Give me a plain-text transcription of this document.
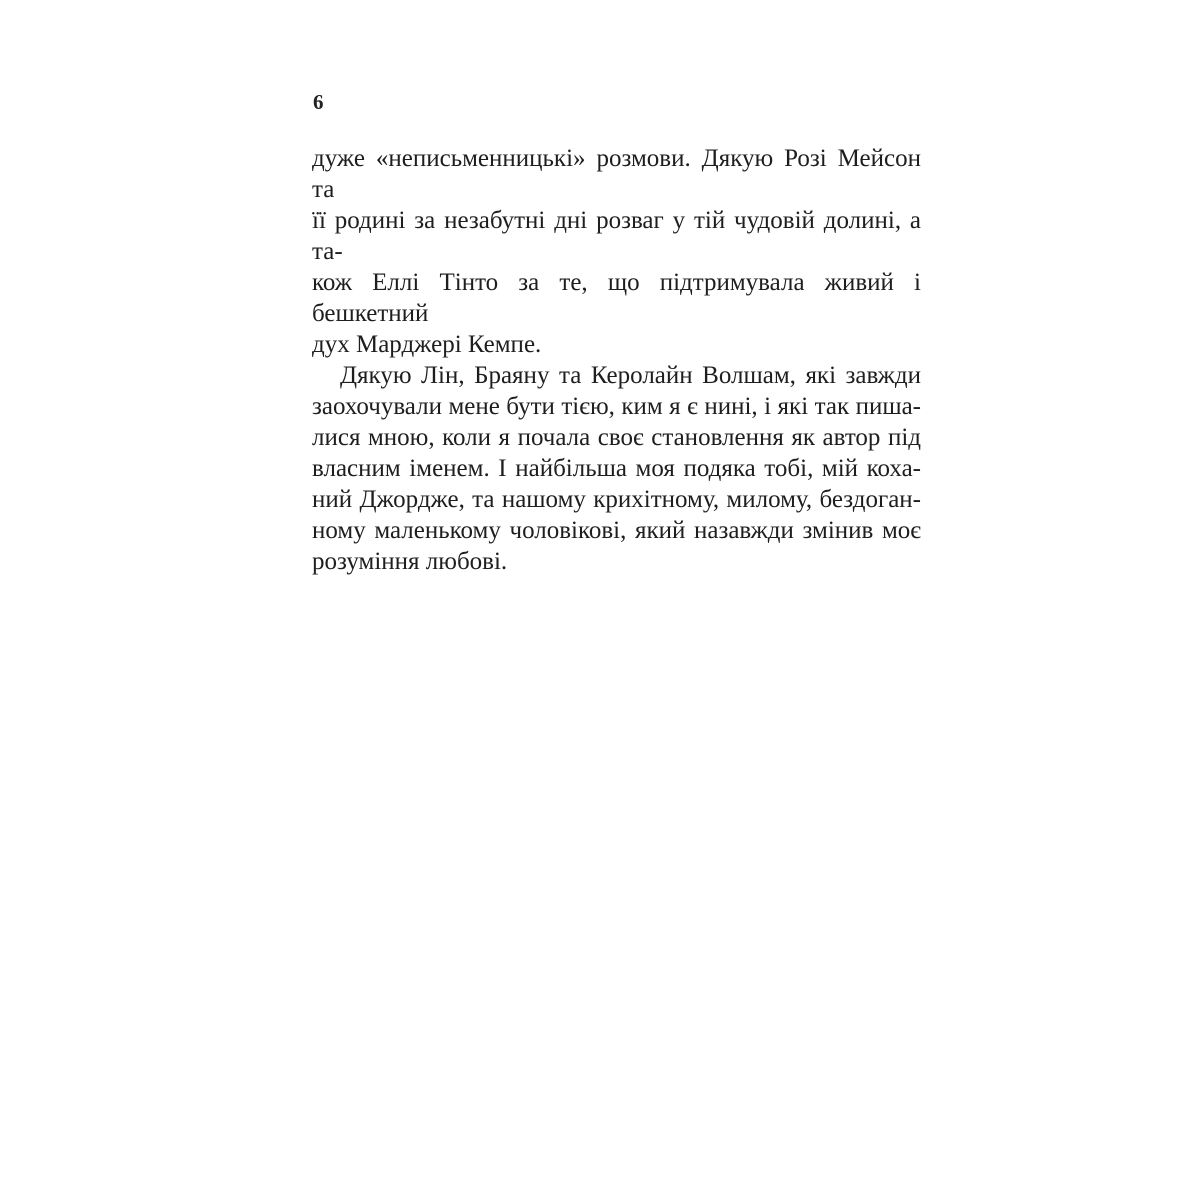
6

дуже «неписьменницькі» розмови. Дякую Розі Мейсон та

її родині за незабутні дні розваг у тій чудовій долині, а та-

кож Еллі Тінто за те, що підтримувала живий і бешкетний

дух Марджері Кемпе.

Дякую Лін, Браяну та Керолайн Волшам, які завжди

заохочували мене бути тією, ким я є нині, і які так пиша-

лися мною, коли я почала своє становлення як автор під

власним іменем. І найбільша моя подяка тобі, мій коха-

ний Джордже, та нашому крихітному, милому, бездоган-

ному маленькому чоловікові, який назавжди змінив моє

розуміння любові.
